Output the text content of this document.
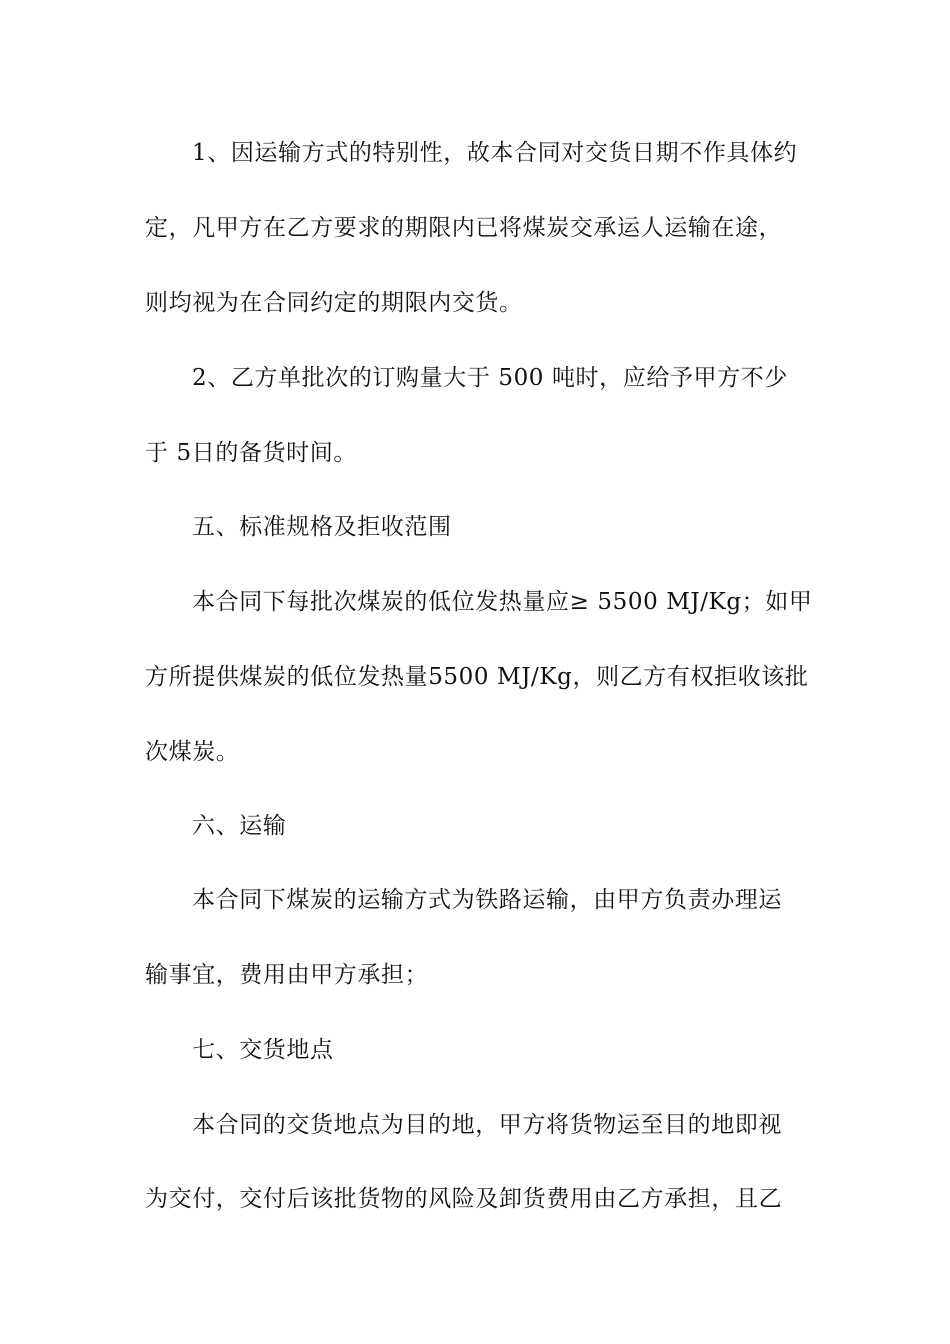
1、因运输方式的特别性，故本合同对交货日期不作具体约
定，凡甲方在乙方要求的期限内已将煤炭交承运人运输在途，
则均视为在合同约定的期限内交货。
2、乙方单批次的订购量大于 500 吨时，应给予甲方不少
于 5日的备货时间。
五、标准规格及拒收范围
本合同下每批次煤炭的低位发热量应≥ 5500 MJ/Kg；如甲
方所提供煤炭的低位发热量5500 MJ/Kg，则乙方有权拒收该批
次煤炭。
六、运输
本合同下煤炭的运输方式为铁路运输，由甲方负责办理运
输事宜，费用由甲方承担；
七、交货地点
本合同的交货地点为目的地，甲方将货物运至目的地即视
为交付，交付后该批货物的风险及卸货费用由乙方承担，且乙
